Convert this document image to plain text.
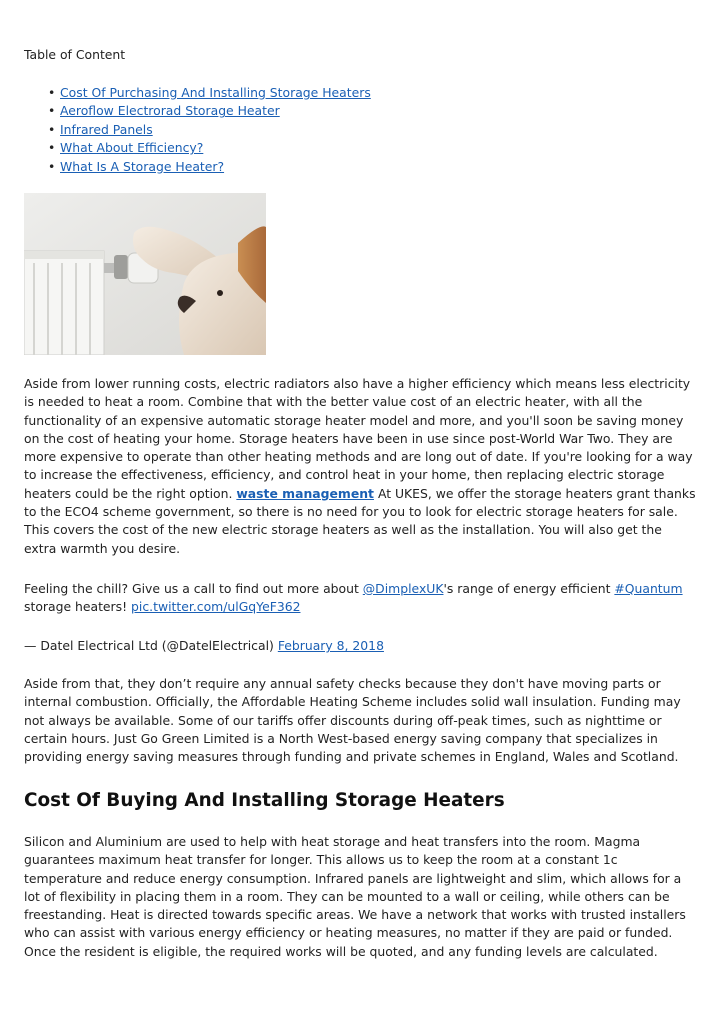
Table of Content

• Cost Of Purchasing And Installing Storage Heaters
• Aeroflow Electrorad Storage Heater
• Infrared Panels
• What About Efficiency?
• What Is A Storage Heater?

Aside from lower running costs, electric radiators also have a higher efficiency which means less electricity is needed to heat a room. Combine that with the better value cost of an electric heater, with all the functionality of an expensive automatic storage heater model and more, and you'll soon be saving money on the cost of heating your home. Storage heaters have been in use since post-World War Two. They are more expensive to operate than other heating methods and are long out of date. If you're looking for a way to increase the effectiveness, efficiency, and control heat in your home, then replacing electric storage heaters could be the right option. waste management At UKES, we offer the storage heaters grant thanks to the ECO4 scheme government, so there is no need for you to look for electric storage heaters for sale. This covers the cost of the new electric storage heaters as well as the installation. You will also get the extra warmth you desire.

Feeling the chill? Give us a call to find out more about @DimplexUK's range of energy efficient #Quantum storage heaters! pic.twitter.com/ulGqYeF362

— Datel Electrical Ltd (@DatelElectrical) February 8, 2018

Aside from that, they don’t require any annual safety checks because they don't have moving parts or internal combustion. Officially, the Affordable Heating Scheme includes solid wall insulation. Funding may not always be available. Some of our tariffs offer discounts during off-peak times, such as nighttime or certain hours. Just Go Green Limited is a North West-based energy saving company that specializes in providing energy saving measures through funding and private schemes in England, Wales and Scotland.

Cost Of Buying And Installing Storage Heaters

Silicon and Aluminium are used to help with heat storage and heat transfers into the room. Magma guarantees maximum heat transfer for longer. This allows us to keep the room at a constant 1c temperature and reduce energy consumption. Infrared panels are lightweight and slim, which allows for a lot of flexibility in placing them in a room. They can be mounted to a wall or ceiling, while others can be freestanding. Heat is directed towards specific areas. We have a network that works with trusted installers who can assist with various energy efficiency or heating measures, no matter if they are paid or funded. Once the resident is eligible, the required works will be quoted, and any funding levels are calculated.
